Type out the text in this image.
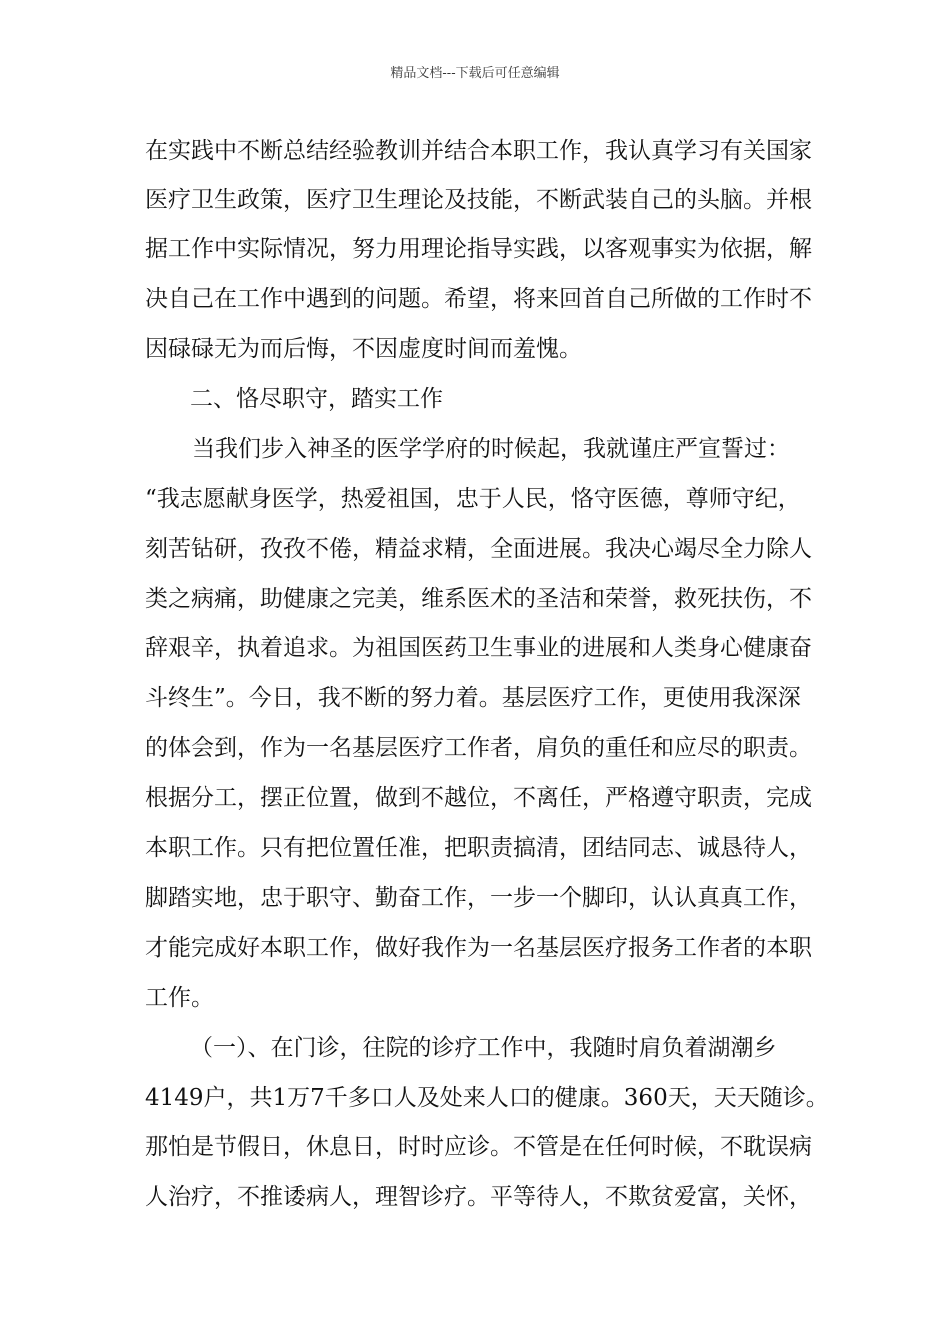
精品文档---下载后可任意编辑
在实践中不断总结经验教训并结合本职工作，我认真学习有关国家
医疗卫生政策，医疗卫生理论及技能，不断武装自己的头脑。并根
据工作中实际情况，努力用理论指导实践，以客观事实为依据，解
决自己在工作中遇到的问题。希望，将来回首自己所做的工作时不
因碌碌无为而后悔，不因虚度时间而羞愧。
二、恪尽职守，踏实工作
当我们步入神圣的医学学府的时候起，我就谨庄严宣誓过：
“我志愿献身医学，热爱祖国，忠于人民，恪守医德，尊师守纪，
刻苦钻研，孜孜不倦，精益求精，全面进展。我决心竭尽全力除人
类之病痛，助健康之完美，维系医术的圣洁和荣誉，救死扶伤，不
辞艰辛，执着追求。为祖国医药卫生事业的进展和人类身心健康奋
斗终生”。今日，我不断的努力着。基层医疗工作，更使用我深深
的体会到，作为一名基层医疗工作者，肩负的重任和应尽的职责。
根据分工，摆正位置，做到不越位，不离任，严格遵守职责，完成
本职工作。只有把位置任准，把职责搞清，团结同志、诚恳待人，
脚踏实地，忠于职守、勤奋工作，一步一个脚印，认认真真工作，
才能完成好本职工作，做好我作为一名基层医疗报务工作者的本职
工作。
（一）、在门诊，往院的诊疗工作中，我随时肩负着湖潮乡
4149户，共1万7千多口人及处来人口的健康。360天，天天随诊。
那怕是节假日，休息日，时时应诊。不管是在任何时候，不耽误病
人治疗，不推诿病人，理智诊疗。平等待人，不欺贫爱富，关怀，
